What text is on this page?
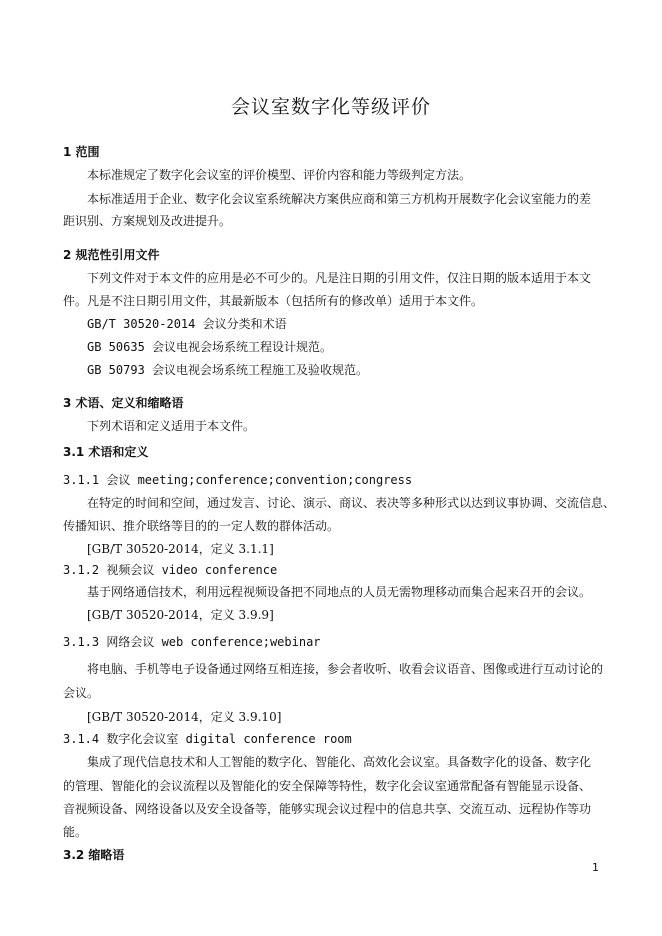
会议室数字化等级评价
1 范围
本标准规定了数字化会议室的评价模型、评价内容和能力等级判定方法。
本标准适用于企业、数字化会议室系统解决方案供应商和第三方机构开展数字化会议室能力的差
距识别、方案规划及改进提升。
2 规范性引用文件
下列文件对于本文件的应用是必不可少的。凡是注日期的引用文件，仅注日期的版本适用于本文
件。凡是不注日期引用文件，其最新版本（包括所有的修改单）适用于本文件。
GB/T 30520-2014 会议分类和术语
GB 50635 会议电视会场系统工程设计规范。
GB 50793 会议电视会场系统工程施工及验收规范。
3 术语、定义和缩略语
下列术语和定义适用于本文件。
3.1 术语和定义
3.1.1 会议 meeting;conference;convention;congress
在特定的时间和空间，通过发言、讨论、演示、商议、表决等多种形式以达到议事协调、交流信息、
传播知识、推介联络等目的的一定人数的群体活动。
[GB/T 30520-2014，定义 3.1.1]
3.1.2 视频会议 video conference
基于网络通信技术，利用远程视频设备把不同地点的人员无需物理移动而集合起来召开的会议。
[GB/T 30520-2014，定义 3.9.9]
3.1.3 网络会议 web conference;webinar
将电脑、手机等电子设备通过网络互相连接，参会者收听、收看会议语音、图像或进行互动讨论的
会议。
[GB/T 30520-2014，定义 3.9.10]
3.1.4 数字化会议室 digital conference room
集成了现代信息技术和人工智能的数字化、智能化、高效化会议室。具备数字化的设备、数字化
的管理、智能化的会议流程以及智能化的安全保障等特性，数字化会议室通常配备有智能显示设备、
音视频设备、网络设备以及安全设备等，能够实现会议过程中的信息共享、交流互动、远程协作等功
能。
3.2 缩略语
1
